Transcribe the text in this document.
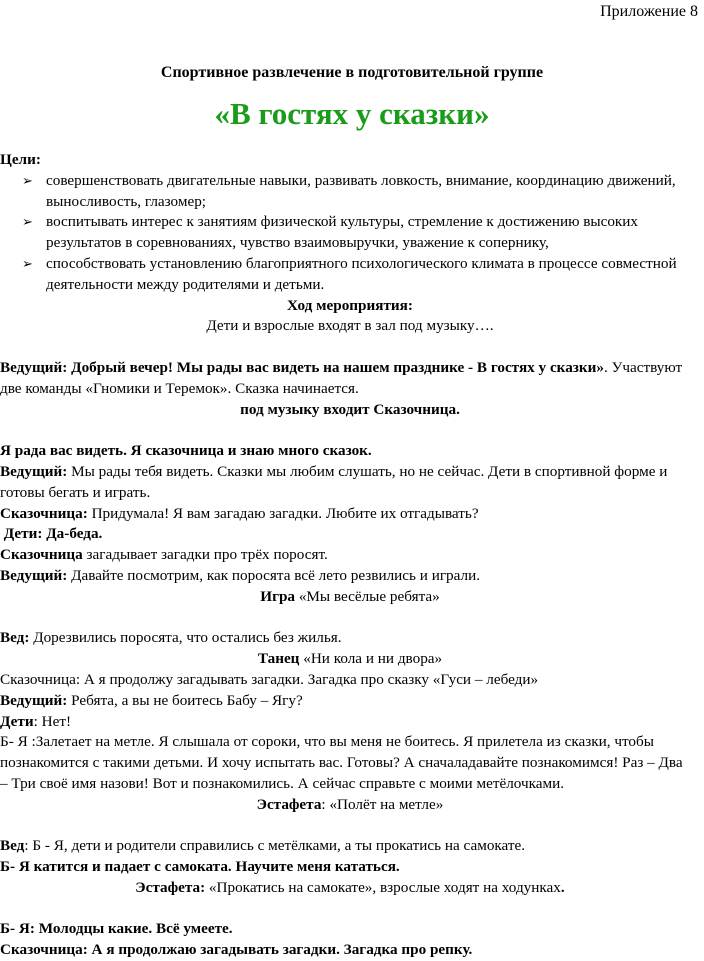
Приложение 8
Спортивное развлечение в подготовительной группе
«В гостях у сказки»
Цели:
➢ совершенствовать двигательные навыки, развивать ловкость, внимание, координацию движений,
выносливость, глазомер;
➢ воспитывать интерес к занятиям физической культуры, стремление к достижению высоких
результатов в соревнованиях, чувство взаимовыручки, уважение к сопернику,
➢ способствовать установлению благоприятного психологического климата в процессе совместной
деятельности между родителями и детьми.
Ход мероприятия:
Дети и взрослые входят в зал под музыку….
Ведущий: Добрый вечер! Мы рады вас видеть на нашем празднике - В гостях у сказки». Участвуют
две команды «Гномики и Теремок». Сказка начинается.
под музыку входит Сказочница.
Я рада вас видеть. Я сказочница и знаю много сказок.
Ведущий: Мы рады тебя видеть. Сказки мы любим слушать, но не сейчас. Дети в спортивной форме и
готовы бегать и играть.
Сказочница: Придумала! Я вам загадаю загадки. Любите их отгадывать?
Дети: Да-беда.
Сказочница загадывает загадки про трёх поросят.
Ведущий: Давайте посмотрим, как поросята всё лето резвились и играли.
Игра «Мы весёлые ребята»
Вед: Дорезвились поросята, что остались без жилья.
Танец «Ни кола и ни двора»
Сказочница: А я продолжу загадывать загадки. Загадка про сказку «Гуси – лебеди»
Ведущий: Ребята, а вы не боитесь Бабу – Ягу?
Дети: Нет!
Б- Я :Залетает на метле. Я слышала от сороки, что вы меня не боитесь. Я прилетела из сказки, чтобы
познакомится с такими детьми. И хочу испытать вас. Готовы? А сначаладавайте познакомимся! Раз – Два
– Три своё имя назови! Вот и познакомились. А сейчас справьте с моими метёлочками.
Эстафета: «Полёт на метле»
Вед: Б - Я, дети и родители справились с метёлками, а ты прокатись на самокате.
Б- Я катится и падает с самоката. Научите меня кататься.
Эстафета: «Прокатись на самокате», взрослые ходят на ходунках.
Б- Я: Молодцы какие. Всё умеете.
Сказочница: А я продолжаю загадывать загадки. Загадка про репку.
